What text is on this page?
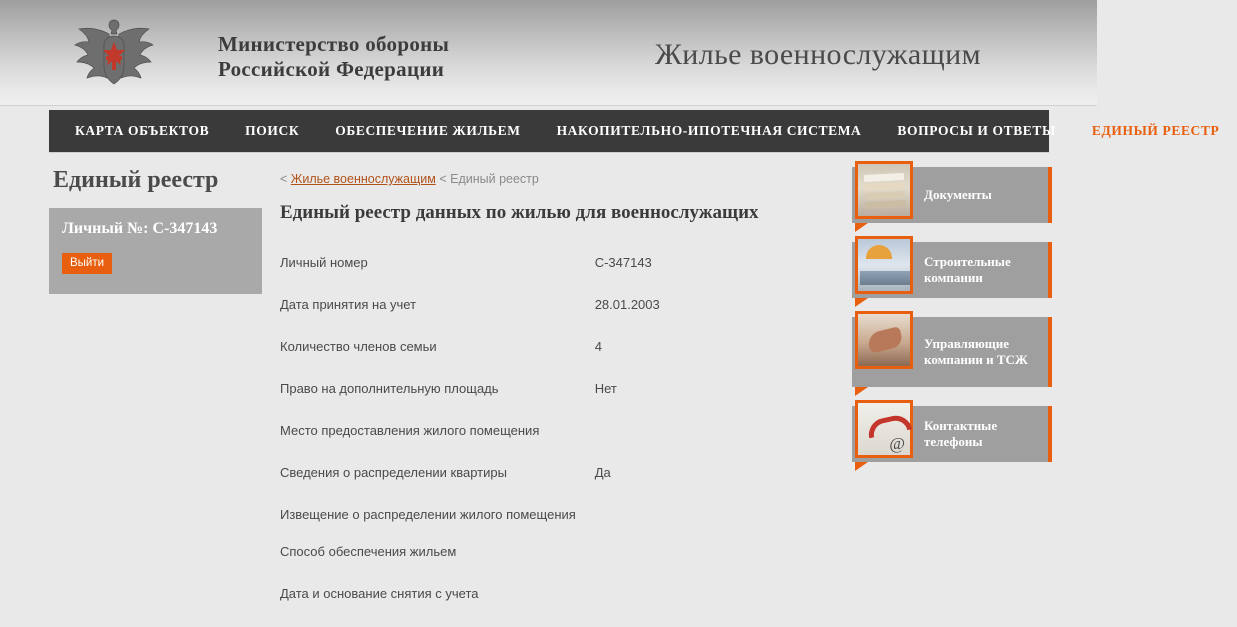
Министерство обороны
Российской Федерации	Жилье военнослужащим
КАРТА ОБЪЕКТОВ	ПОИСК	ОБЕСПЕЧЕНИЕ ЖИЛЬЕМ	НАКОПИТЕЛЬНО-ИПОТЕЧНАЯ СИСТЕМА	ВОПРОСЫ И ОТВЕТЫ	ЕДИНЫЙ РЕЕСТР
Единый реестр
Личный №: С-347143
Выйти
< Жилье военнослужащим < Единый реестр
Единый реестр данных по жилью для военнослужащих
Личный номер	С-347143
Дата принятия на учет	28.01.2003
Количество членов семьи	4
Право на дополнительную площадь	Нет
Место предоставления жилого помещения	
Сведения о распределении квартиры	Да
Извещение о распределении жилого помещения	
Способ обеспечения жильем	
Дата и основание снятия с учета	
Документы
Строительные компании
Управляющие компании и ТСЖ
@
Контактные телефоны
